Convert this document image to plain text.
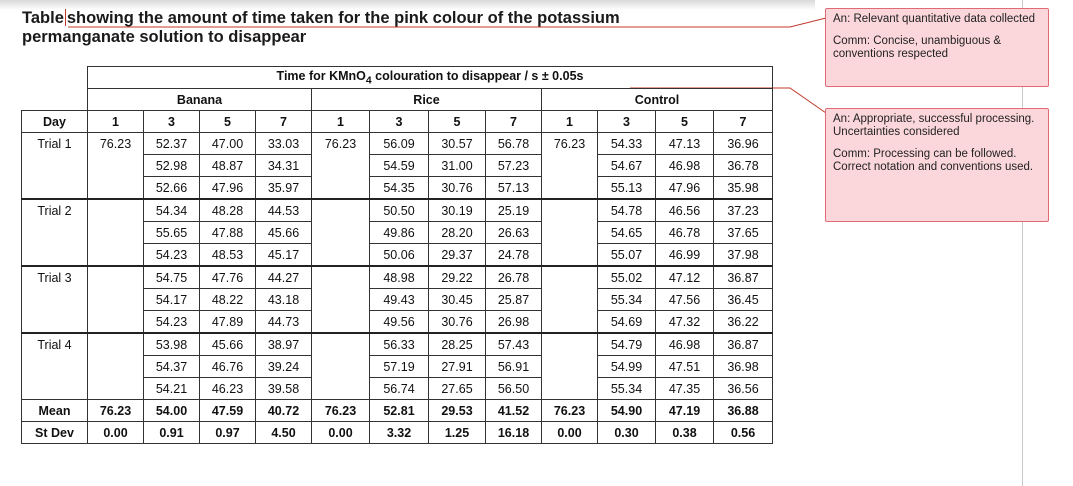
Table showing the amount of time taken for the pink colour of the potassium
permanganate solution to disappear
	Time for KMnO$_4$ colouration to disappear / s ± 0.05s											
	Banana				Rice				Control			
Day	1	3	5	7	1	3	5	7	1	3	5	7
Trial 1	76.23	52.37	47.00	33.03	76.23	56.09	30.57	56.78	76.23	54.33	47.13	36.96
		52.98	48.87	34.31		54.59	31.00	57.23		54.67	46.98	36.78
		52.66	47.96	35.97		54.35	30.76	57.13		55.13	47.96	35.98
Trial 2		54.34	48.28	44.53		50.50	30.19	25.19		54.78	46.56	37.23
		55.65	47.88	45.66		49.86	28.20	26.63		54.65	46.78	37.65
		54.23	48.53	45.17		50.06	29.37	24.78		55.07	46.99	37.98
Trial 3		54.75	47.76	44.27		48.98	29.22	26.78		55.02	47.12	36.87
		54.17	48.22	43.18		49.43	30.45	25.87		55.34	47.56	36.45
		54.23	47.89	44.73		49.56	30.76	26.98		54.69	47.32	36.22
Trial 4		53.98	45.66	38.97		56.33	28.25	57.43		54.79	46.98	36.87
		54.37	46.76	39.24		57.19	27.91	56.91		54.99	47.51	36.98
		54.21	46.23	39.58		56.74	27.65	56.50		55.34	47.35	36.56
Mean	76.23	54.00	47.59	40.72	76.23	52.81	29.53	41.52	76.23	54.90	47.19	36.88
St Dev	0.00	0.91	0.97	4.50	0.00	3.32	1.25	16.18	0.00	0.30	0.38	0.56

An: Relevant quantitative data collected

Comm: Concise, unambiguous & conventions respected

An: Appropriate, successful processing. Uncertainties considered

Comm: Processing can be followed. Correct notation and conventions used.
